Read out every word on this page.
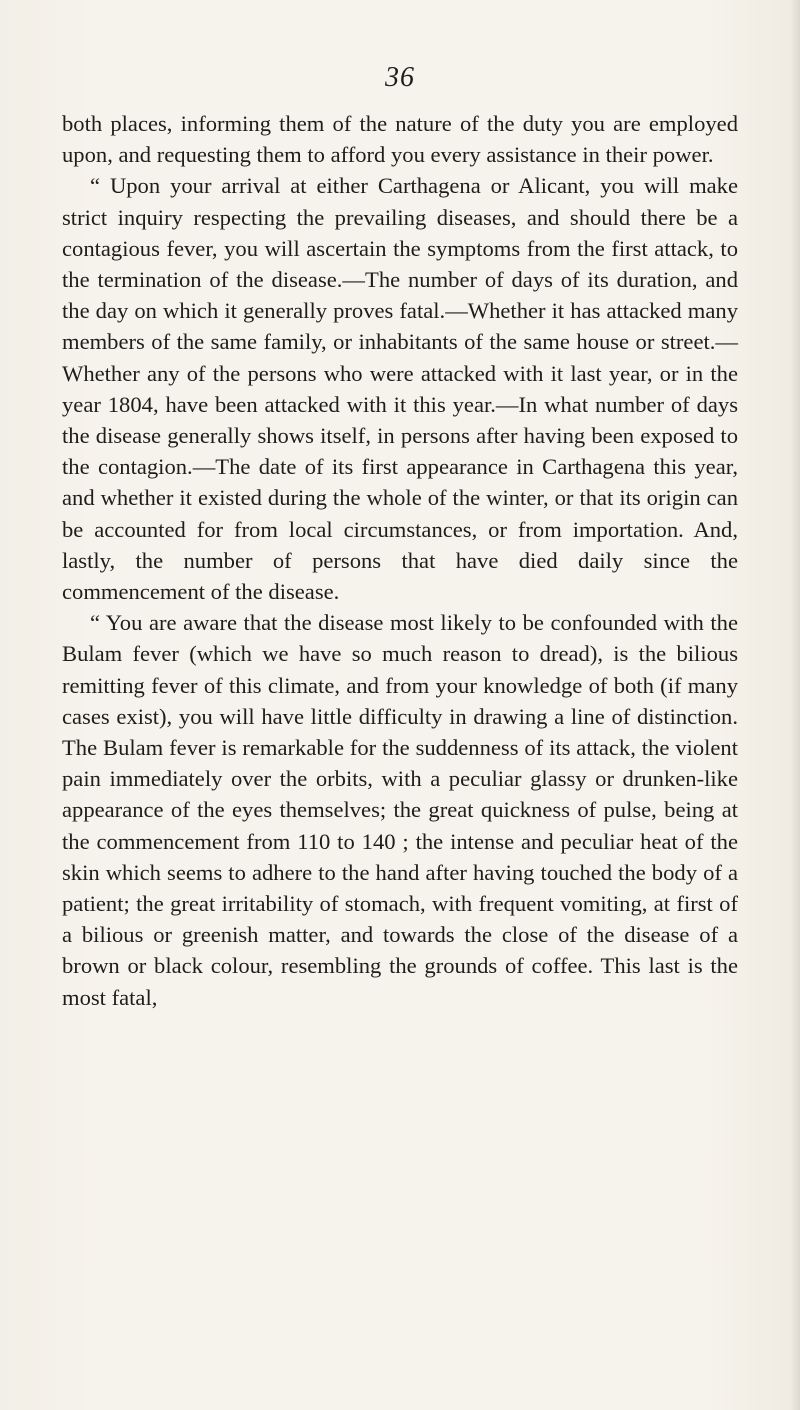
36

both places, informing them of the nature of the duty you are employed upon, and requesting them to afford you every assistance in their power.

“ Upon your arrival at either Carthagena or Alicant, you will make strict inquiry respecting the prevailing diseases, and should there be a contagious fever, you will ascertain the symptoms from the first attack, to the termination of the disease.—The number of days of its duration, and the day on which it generally proves fatal.—Whether it has attacked many members of the same family, or inhabitants of the same house or street.—Whether any of the persons who were attacked with it last year, or in the year 1804, have been attacked with it this year.—In what number of days the disease generally shows itself, in persons after having been exposed to the contagion.—The date of its first appearance in Carthagena this year, and whether it existed during the whole of the winter, or that its origin can be accounted for from local circumstances, or from importation. And, lastly, the number of persons that have died daily since the commencement of the disease.

“ You are aware that the disease most likely to be confounded with the Bulam fever (which we have so much reason to dread), is the bilious remitting fever of this climate, and from your knowledge of both (if many cases exist), you will have little difficulty in drawing a line of distinction. The Bulam fever is remarkable for the suddenness of its attack, the violent pain immediately over the orbits, with a peculiar glassy or drunken-like appearance of the eyes themselves; the great quickness of pulse, being at the commencement from 110 to 140 ; the intense and peculiar heat of the skin which seems to adhere to the hand after having touched the body of a patient; the great irritability of stomach, with frequent vomiting, at first of a bilious or greenish matter, and towards the close of the disease of a brown or black colour, resembling the grounds of coffee. This last is the most fatal,
